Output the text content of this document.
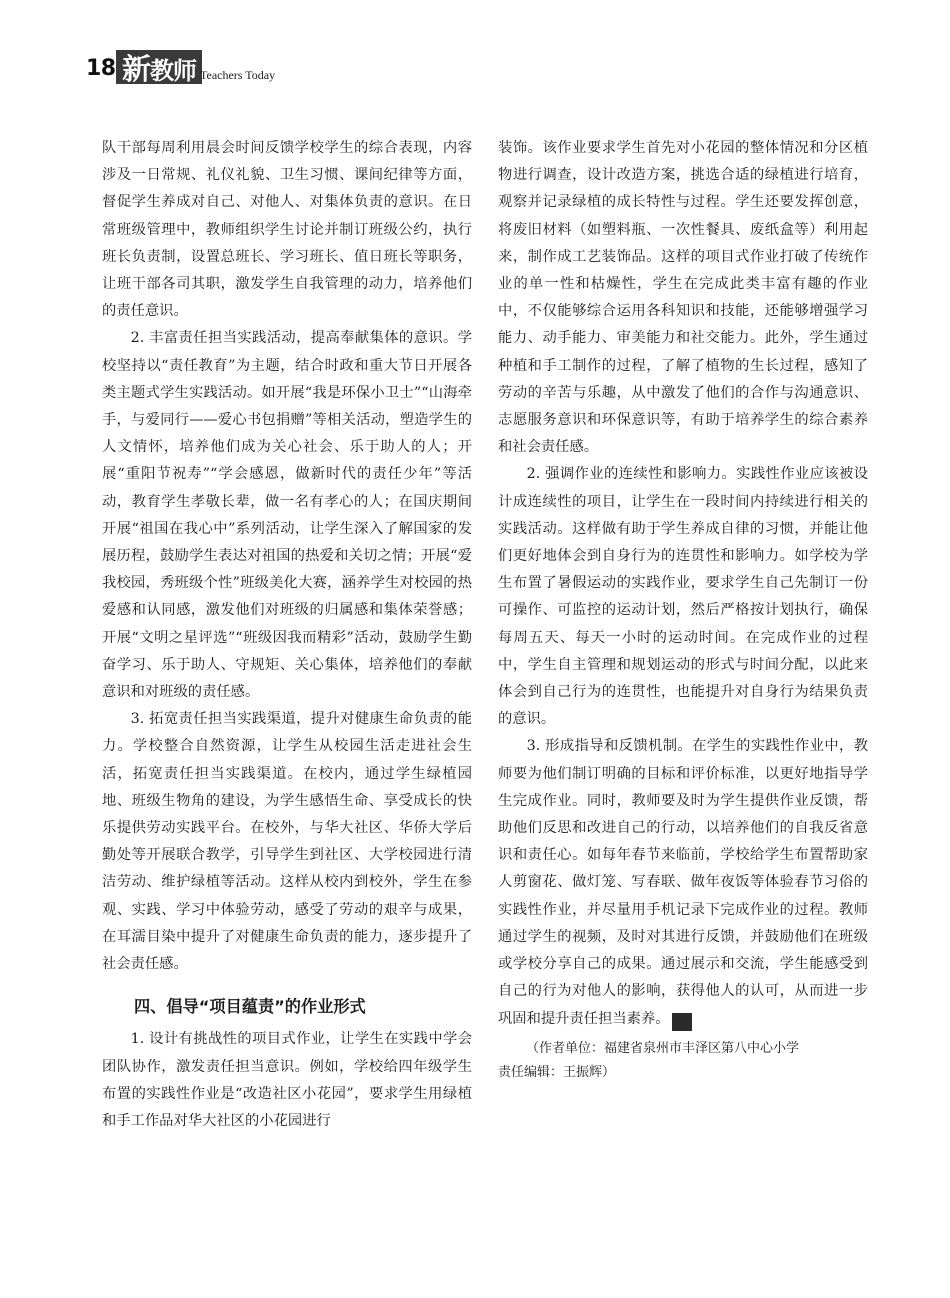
18 新教师 Teachers Today

队干部每周利用晨会时间反馈学校学生的综合表现，内容涉及一日常规、礼仪礼貌、卫生习惯、课间纪律等方面，督促学生养成对自己、对他人、对集体负责的意识。在日常班级管理中，教师组织学生讨论并制订班级公约，执行班长负责制，设置总班长、学习班长、值日班长等职务，让班干部各司其职，激发学生自我管理的动力，培养他们的责任意识。

2. 丰富责任担当实践活动，提高奉献集体的意识。学校坚持以“责任教育”为主题，结合时政和重大节日开展各类主题式学生实践活动。如开展“我是环保小卫士”“山海牵手，与爱同行——爱心书包捐赠”等相关活动，塑造学生的人文情怀，培养他们成为关心社会、乐于助人的人；开展“重阳节祝寿”“学会感恩，做新时代的责任少年”等活动，教育学生孝敬长辈，做一名有孝心的人；在国庆期间开展“祖国在我心中”系列活动，让学生深入了解国家的发展历程，鼓励学生表达对祖国的热爱和关切之情；开展“爱我校园，秀班级个性”班级美化大赛，涵养学生对校园的热爱感和认同感，激发他们对班级的归属感和集体荣誉感；开展“文明之星评选”“班级因我而精彩”活动，鼓励学生勤奋学习、乐于助人、守规矩、关心集体，培养他们的奉献意识和对班级的责任感。

3. 拓宽责任担当实践渠道，提升对健康生命负责的能力。学校整合自然资源，让学生从校园生活走进社会生活，拓宽责任担当实践渠道。在校内，通过学生绿植园地、班级生物角的建设，为学生感悟生命、享受成长的快乐提供劳动实践平台。在校外，与华大社区、华侨大学后勤处等开展联合教学，引导学生到社区、大学校园进行清洁劳动、维护绿植等活动。这样从校内到校外，学生在参观、实践、学习中体验劳动，感受了劳动的艰辛与成果，在耳濡目染中提升了对健康生命负责的能力，逐步提升了社会责任感。

四、倡导“项目蕴责”的作业形式

1. 设计有挑战性的项目式作业，让学生在实践中学会团队协作，激发责任担当意识。例如，学校给四年级学生布置的实践性作业是“改造社区小花园”，要求学生用绿植和手工作品对华大社区的小花园进行

装饰。该作业要求学生首先对小花园的整体情况和分区植物进行调查，设计改造方案，挑选合适的绿植进行培育，观察并记录绿植的成长特性与过程。学生还要发挥创意，将废旧材料（如塑料瓶、一次性餐具、废纸盒等）利用起来，制作成工艺装饰品。这样的项目式作业打破了传统作业的单一性和枯燥性，学生在完成此类丰富有趣的作业中，不仅能够综合运用各科知识和技能，还能够增强学习能力、动手能力、审美能力和社交能力。此外，学生通过种植和手工制作的过程，了解了植物的生长过程，感知了劳动的辛苦与乐趣，从中激发了他们的合作与沟通意识、志愿服务意识和环保意识等，有助于培养学生的综合素养和社会责任感。

2. 强调作业的连续性和影响力。实践性作业应该被设计成连续性的项目，让学生在一段时间内持续进行相关的实践活动。这样做有助于学生养成自律的习惯，并能让他们更好地体会到自身行为的连贯性和影响力。如学校为学生布置了暑假运动的实践作业，要求学生自己先制订一份可操作、可监控的运动计划，然后严格按计划执行，确保每周五天、每天一小时的运动时间。在完成作业的过程中，学生自主管理和规划运动的形式与时间分配，以此来体会到自己行为的连贯性，也能提升对自身行为结果负责的意识。

3. 形成指导和反馈机制。在学生的实践性作业中，教师要为他们制订明确的目标和评价标准，以更好地指导学生完成作业。同时，教师要及时为学生提供作业反馈，帮助他们反思和改进自己的行动，以培养他们的自我反省意识和责任心。如每年春节来临前，学校给学生布置帮助家人剪窗花、做灯笼、写春联、做年夜饭等体验春节习俗的实践性作业，并尽量用手机记录下完成作业的过程。教师通过学生的视频，及时对其进行反馈，并鼓励他们在班级或学校分享自己的成果。通过展示和交流，学生能感受到自己的行为对他人的影响，获得他人的认可，从而进一步巩固和提升责任担当素养。	新

（作者单位：福建省泉州市丰泽区第八中心小学
责任编辑：王振辉）
